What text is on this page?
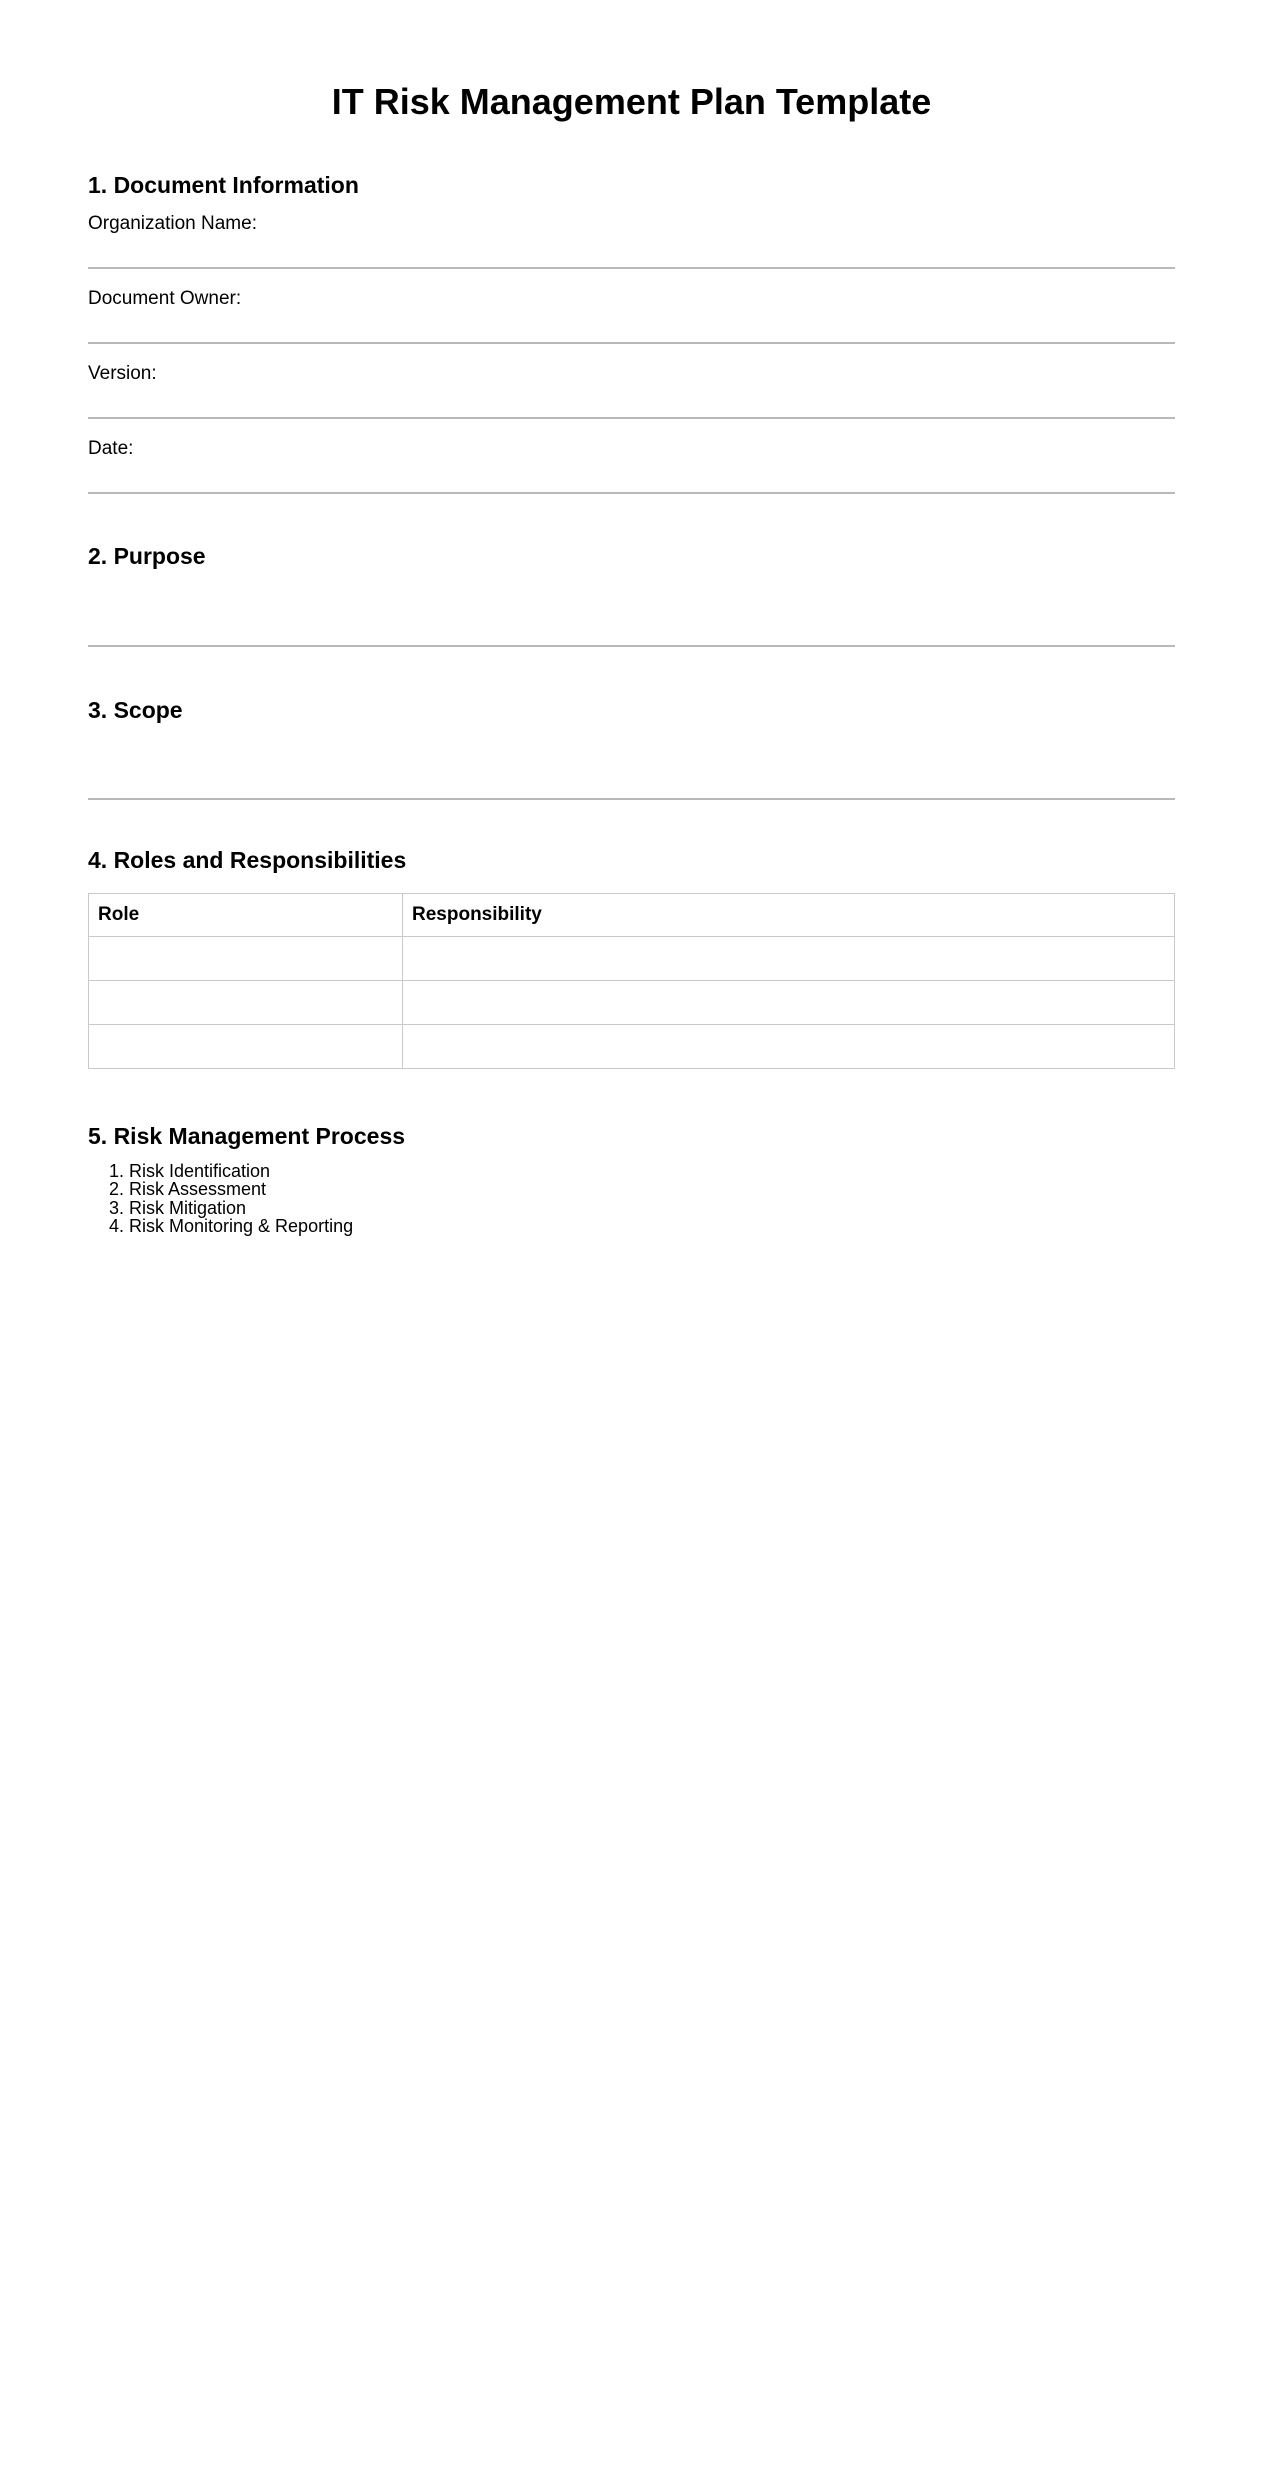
IT Risk Management Plan Template
1. Document Information

Organization Name:

Document Owner:

Version:

Date:

2. Purpose
3. Scope
4. Roles and Responsibilities
Role	Responsibility

5. Risk Management Process
1. Risk Identification
2. Risk Assessment
3. Risk Mitigation
4. Risk Monitoring & Reporting
